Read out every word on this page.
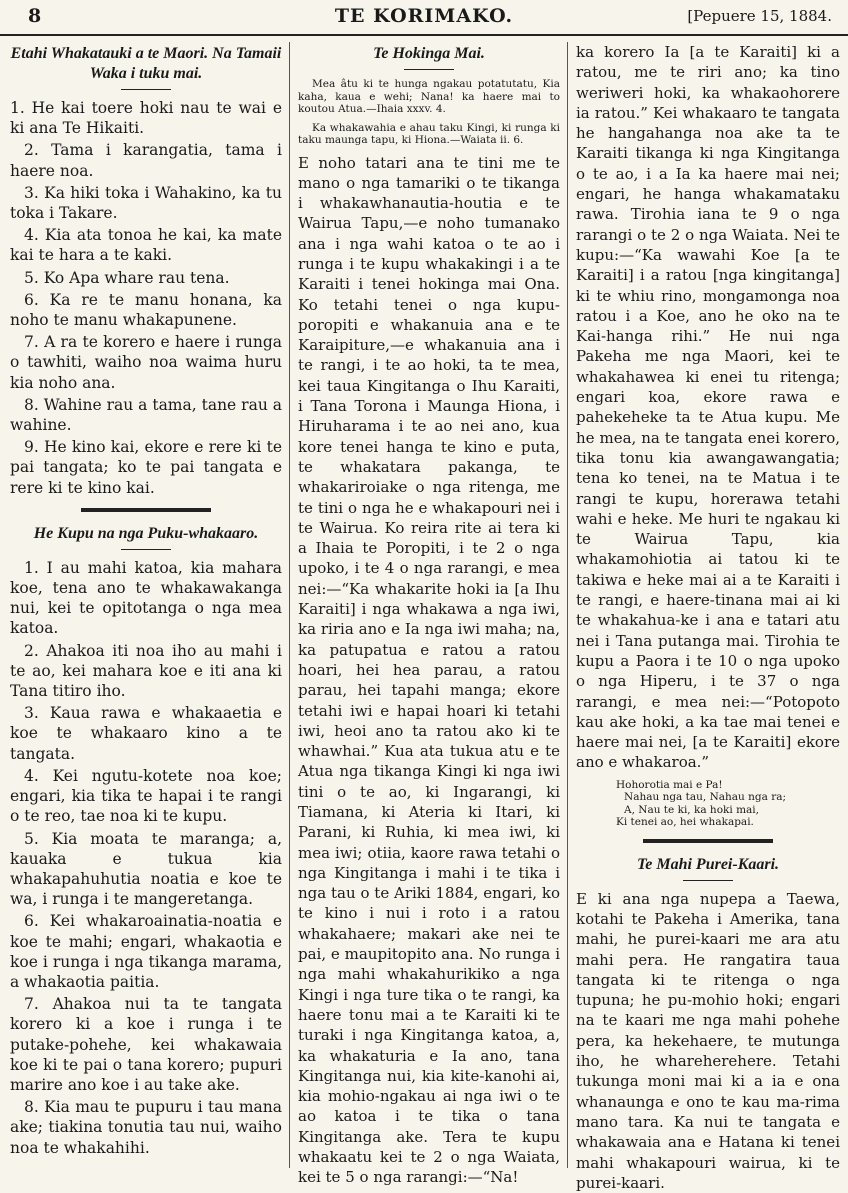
8	TE KORIMAKO.	[Pepuere 15, 1884.
Etahi Whakatauki a te Maori. Na Tamaii Waka i tuku mai.

1. He kai toere hoki nau te wai e ki ana Te Hikaiti.

2. Tama i karangatia, tama i haere noa.

3. Ka hiki toka i Wahakino, ka tu toka i Takare.

4. Kia ata tonoa he kai, ka mate kai te hara a te kaki.

5. Ko Apa whare rau tena.

6. Ka re te manu honana, ka noho te manu whakapunene.

7. A ra te korero e haere i runga o tawhiti, waiho noa waima huru kia noho ana.

8. Wahine rau a tama, tane rau a wahine.

9. He kino kai, ekore e rere ki te pai tangata; ko te pai tangata e rere ki te kino kai.

He Kupu na nga Puku-whakaaro.

1. I au mahi katoa, kia mahara koe, tena ano te whakawakanga nui, kei te opitotanga o nga mea katoa.

2. Ahakoa iti noa iho au mahi i te ao, kei mahara koe e iti ana ki Tana titiro iho.

3. Kaua rawa e whakaaetia e koe te whakaaro kino a te tangata.

4. Kei ngutu-kotete noa koe; engari, kia tika te hapai i te rangi o te reo, tae noa ki te kupu.

5. Kia moata te maranga; a, kauaka e tukua kia whakapahuhutia noatia e koe te wa, i runga i te mangeretanga.

6. Kei whakaroainatia-noatia e koe te mahi; engari, whakaotia e koe i runga i nga tikanga marama, a whakaotia paitia.

7. Ahakoa nui ta te tangata korero ki a koe i runga i te putake-pohehe, kei whakawaia koe ki te pai o tana korero; pupuri marire ano koe i au take ake.

8. Kia mau te pupuru i tau mana ake; tiakina tonutia tau nui, waiho noa te whakahihi.

Te Hokinga Mai.

Mea âtu ki te hunga ngakau potatutatu, Kia kaha, kaua e wehi; Nana! ka haere mai to koutou Atua.—Ihaia xxxv. 4.

Ka whakawahia e ahau taku Kingi, ki runga ki taku maunga tapu, ki Hiona.—Waiata ii. 6.

E noho tatari ana te tini me te mano o nga tamariki o te tikanga i whakawhanautia-houtia e te Wairua Tapu,—e noho tumanako ana i nga wahi katoa o te ao i runga i te kupu whakakingi i a te Karaiti i tenei hokinga mai Ona. Ko tetahi tenei o nga kupu-poropiti e whakanuia ana e te Karaipiture,—e whakanuia ana i te rangi, i te ao hoki, ta te mea, kei taua Kingitanga o Ihu Karaiti, i Tana Torona i Maunga Hiona, i Hiruharama i te ao nei ano, kua kore tenei hanga te kino e puta, te whakatara pakanga, te whakariroiake o nga ritenga, me te tini o nga he e whakapouri nei i te Wairua. Ko reira rite ai tera ki a Ihaia te Poropiti, i te 2 o nga upoko, i te 4 o nga rarangi, e mea nei:—“Ka whakarite hoki ia [a Ihu Karaiti] i nga whakawa a nga iwi, ka riria ano e Ia nga iwi maha; na, ka patupatua e ratou a ratou hoari, hei hea parau, a ratou parau, hei tapahi manga; ekore tetahi iwi e hapai hoari ki tetahi iwi, heoi ano ta ratou ako ki te whawhai.” Kua ata tukua atu e te Atua nga tikanga Kingi ki nga iwi tini o te ao, ki Ingarangi, ki Tiamana, ki Ateria ki Itari, ki Parani, ki Ruhia, ki mea iwi, ki mea iwi; otiia, kaore rawa tetahi o nga Kingitanga i mahi i te tika i nga tau o te Ariki 1884, engari, ko te kino i nui i roto i a ratou whakahaere; makari ake nei te pai, e maupitopito ana. No runga i nga mahi whakahurikiko a nga Kingi i nga ture tika o te rangi, ka haere tonu mai a te Karaiti ki te turaki i nga Kingitanga katoa, a, ka whakaturia e Ia ano, tana Kingitanga nui, kia kite-kanohi ai, kia mohio-ngakau ai nga iwi o te ao katoa i te tika o tana Kingitanga ake. Tera te kupu whakaatu kei te 2 o nga Waiata, kei te 5 o nga rarangi:—“Na!

ka korero Ia [a te Karaiti] ki a ratou, me te riri ano; ka tino weriweri hoki, ka whakaohorere ia ratou.” Kei whakaaro te tangata he hangahanga noa ake ta te Karaiti tikanga ki nga Kingitanga o te ao, i a Ia ka haere mai nei; engari, he hanga whakamataku rawa. Tirohia iana te 9 o nga rarangi o te 2 o nga Waiata. Nei te kupu:—“Ka wawahi Koe [a te Karaiti] i a ratou [nga kingitanga] ki te whiu rino, mongamonga noa ratou i a Koe, ano he oko na te Kai-hanga rihi.” He nui nga Pakeha me nga Maori, kei te whakahawea ki enei tu ritenga; engari koa, ekore rawa e pahekeheke ta te Atua kupu. Me he mea, na te tangata enei korero, tika tonu kia awangawangatia; tena ko tenei, na te Matua i te rangi te kupu, horerawa tetahi wahi e heke. Me huri te ngakau ki te Wairua Tapu, kia whakamohiotia ai tatou ki te takiwa e heke mai ai a te Karaiti i te rangi, e haere-tinana mai ai ki te whakahua-ke i ana e tatari atu nei i Tana putanga mai. Tirohia te kupu a Paora i te 10 o nga upoko o nga Hiperu, i te 37 o nga rarangi, e mea nei:—“Potopoto kau ake hoki, a ka tae mai tenei e haere mai nei, [a te Karaiti] ekore ano e whakaroa.”

Hohorotia mai e Pa!
Nahau nga tau, Nahau nga ra;
A, Nau te ki, ka hoki mai,
Ki tenei ao, hei whakapai.
Te Mahi Purei-Kaari.

E ki ana nga nupepa a Taewa, kotahi te Pakeha i Amerika, tana mahi, he purei-kaari me ara atu mahi pera. He rangatira taua tangata ki te ritenga o nga tupuna; he pu-mohio hoki; engari na te kaari me nga mahi pohehe pera, ka hekehaere, te mutunga iho, he whareherehere. Tetahi tukunga moni mai ki a ia e ona whanaunga e ono te kau ma-rima mano tara. Ka nui te tangata e whakawaia ana e Hatana ki tenei mahi whakapouri wairua, ki te purei-kaari.
